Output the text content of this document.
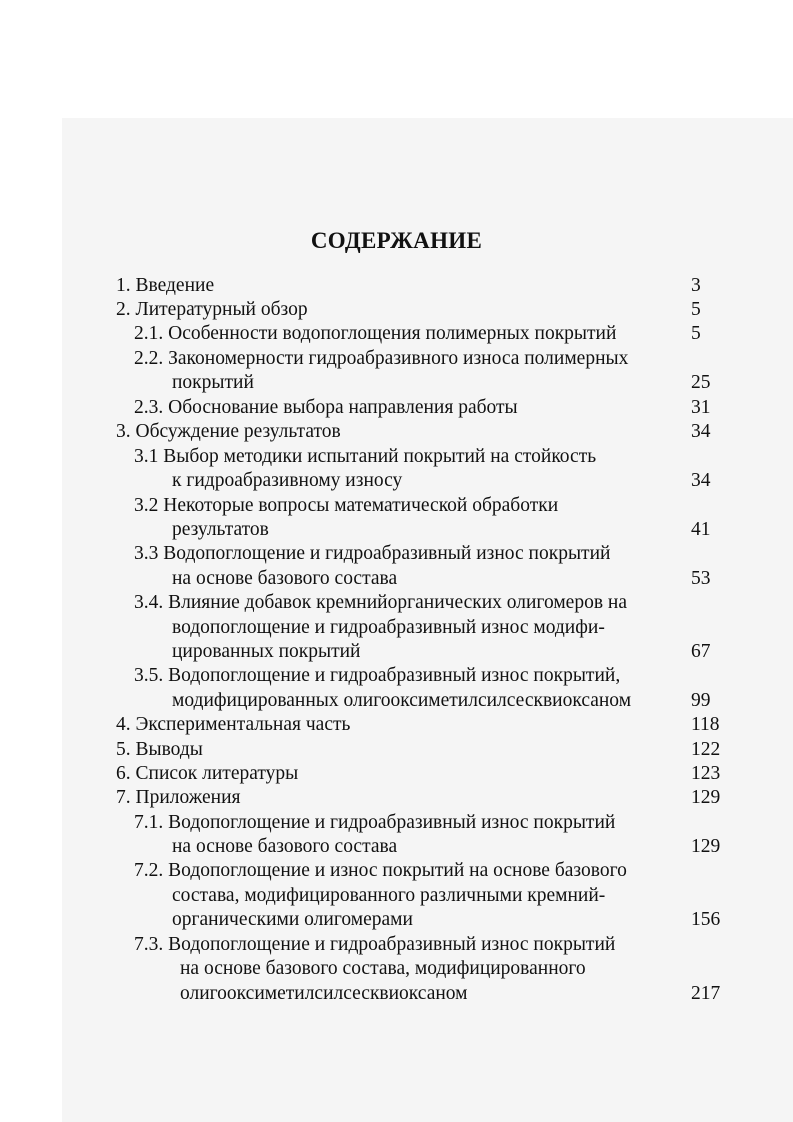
СОДЕРЖАНИЕ
1. Введение	3
2. Литературный обзор	5
2.1. Особенности водопоглощения полимерных покрытий	5
2.2. Закономерности гидроабразивного износа полимерных
покрытий	25
2.3. Обоснование выбора направления работы	31
3. Обсуждение результатов	34
3.1 Выбор методики испытаний покрытий на стойкость
к гидроабразивному износу	34
3.2 Некоторые вопросы математической обработки
результатов	41
3.3 Водопоглощение и гидроабразивный износ покрытий
на основе базового состава	53
3.4. Влияние добавок кремнийорганических олигомеров на
водопоглощение и гидроабразивный износ модифи-
цированных покрытий	67
3.5. Водопоглощение и гидроабразивный износ покрытий,
модифицированных олигооксиметилсилсесквиоксаном	99
4. Экспериментальная часть	118
5. Выводы	122
6. Список литературы	123
7. Приложения	129
7.1. Водопоглощение и гидроабразивный износ покрытий
на основе базового состава	129
7.2. Водопоглощение и износ покрытий на основе базового
состава, модифицированного различными кремний-
органическими олигомерами	156
7.3. Водопоглощение и гидроабразивный износ покрытий
на основе базового состава, модифицированного
олигооксиметилсилсесквиоксаном	217
